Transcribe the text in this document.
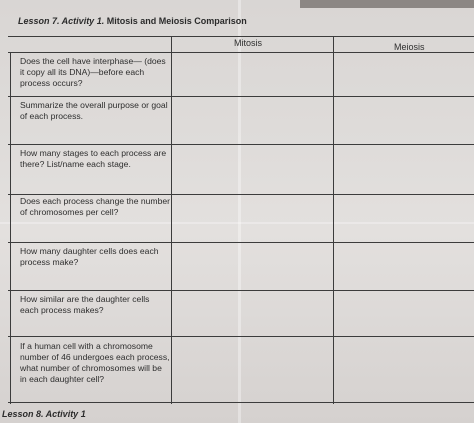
Lesson 7. Activity 1. Mitosis and Meiosis Comparison
Mitosis	Meiosis
Does the cell have interphase— (does it copy all its DNA)—before each process occurs?
Summarize the overall purpose or goal of each process.
How many stages to each process are there? List/name each stage.
Does each process change the number of chromosomes per cell?
How many daughter cells does each process make?
How similar are the daughter cells each process makes?
If a human cell with a chromosome number of 46 undergoes each process, what number of chromosomes will be in each daughter cell?
Lesson 8. Activity 1
